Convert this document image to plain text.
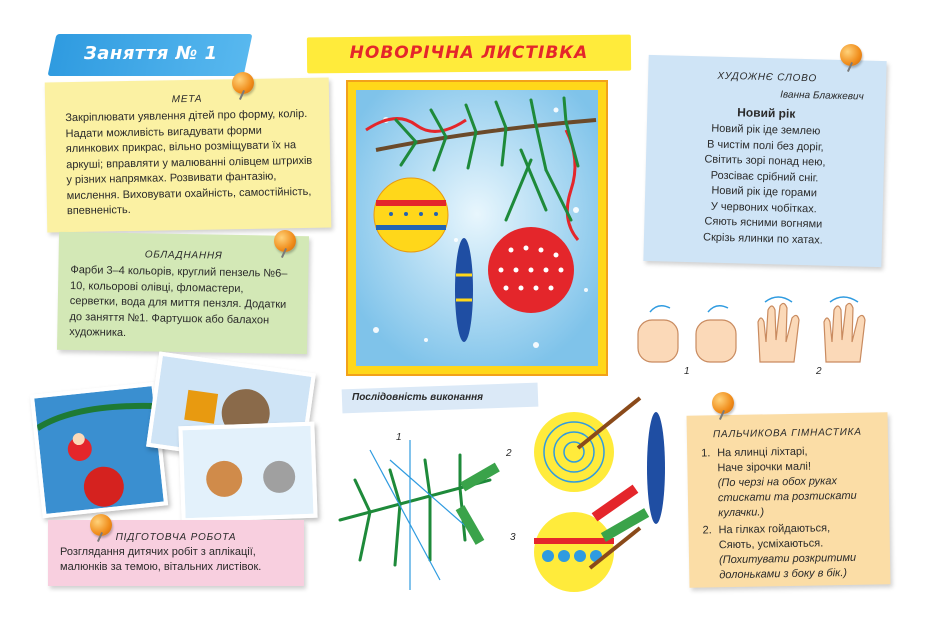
Заняття № 1	НОВОРІЧНА ЛИСТІВКА
МЕТА
Закріплювати уявлення дітей про форму, колір. Надати можливість вигадувати форми ялинкових прикрас, вільно розміщувати їх на аркуші; вправляти у малюванні олівцем штрихів у різних напрямках. Розвивати фантазію, мислення. Виховувати охайність, самостійність, впевненість.
ОБЛАДНАННЯ
Фарби 3–4 кольорів, круглий пензель №6–10, кольорові олівці, фломастери, серветки, вода для миття пензля. Додатки до заняття №1. Фартушок або балахон художника.
ХУДОЖНЄ СЛОВО
Іванна Блажкевич
Новий рік
Новий рік іде землею
В чистім полі без доріг,
Світить зорі понад нею,
Розсіває срібний сніг.
Новий рік іде горами
У червоних чобітках.
Сяють ясними вогнями
Скрізь ялинки по хатах.
1	2
ПІДГОТОВЧА РОБОТА
Розглядання дитячих робіт з аплікації, малюнків за темою, вітальних листівок.
Послідовність виконання
1
2
3
ПАЛЬЧИКОВА ГІМНАСТИКА
1. На ялинці ліхтарі,
Наче зірочки малі!
(По черзі на обох руках стискати та розтискати кулачки.)
2. На гілках гойдаються,
Сяють, усміхаються.
(Похитувати розкритими долоньками з боку в бік.)
